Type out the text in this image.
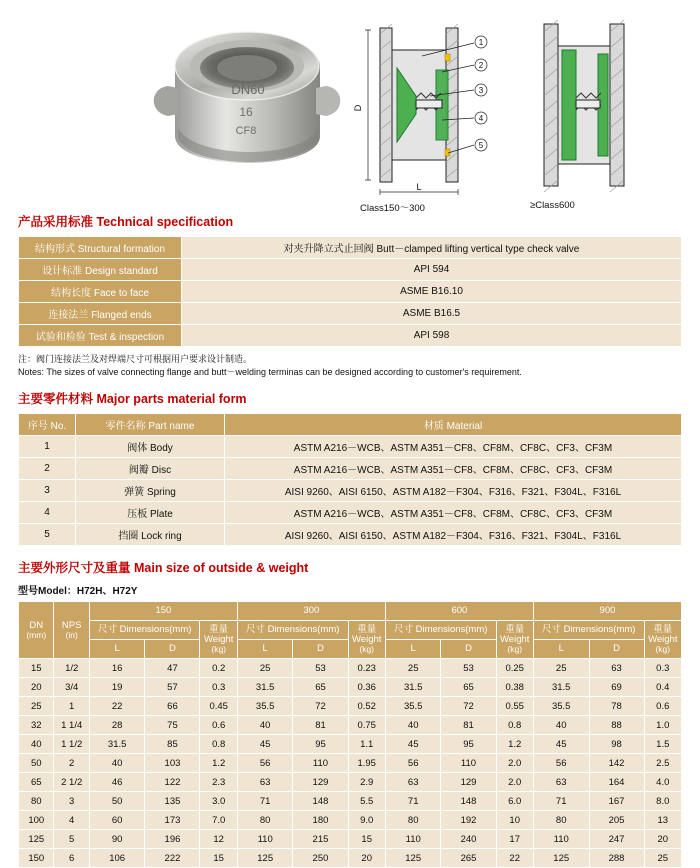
DN60
16
CF8
1
2
3
4
5
D
L
Class150～300	≥Class600
产品采用标准 Technical specification
结构形式 Structural formation	对夹升降立式止回阀 Butt－clamped lifting vertical type check valve
设计标准 Design standard	API 594
结构长度 Face to face	ASME B16.10
连接法兰 Flanged ends	ASME B16.5
试验和检验 Test & inspection	API 598
注：阀门连接法兰及对焊端尺寸可根据用户要求设计制造。
Notes: The sizes of valve connecting flange and butt－welding terminas can be designed according to customer's requirement.
主要零件材料 Major parts material form
序号 No.	零件名称 Part name	材质 Material
1	阀体 Body	ASTM A216－WCB、ASTM A351－CF8、CF8M、CF8C、CF3、CF3M
2	阀瓣 Disc	ASTM A216－WCB、ASTM A351－CF8、CF8M、CF8C、CF3、CF3M
3	弹簧 Spring	AISI 9260、AISI 6150、ASTM A182－F304、F316、F321、F304L、F316L
4	压板 Plate	ASTM A216－WCB、ASTM A351－CF8、CF8M、CF8C、CF3、CF3M
5	挡圈 Lock ring	AISI 9260、AISI 6150、ASTM A182－F304、F316、F321、F304L、F316L
主要外形尺寸及重量 Main size of outside & weight
型号Model：H72H、H72Y
DN
(mm)

NPS
(in)
	150	300	600	900
尺寸 Dimensions(mm)	重量
Weight
(kg)
	尺寸 Dimensions(mm)	重量
Weight
(kg)
	尺寸 Dimensions(mm)	重量
Weight
(kg)
	尺寸 Dimensions(mm)	重量
Weight
(kg)

		L	D		L	D		L	D		L	D	
15	1/2	16	47	0.2	25	53	0.23	25	53	0.25	25	63	0.3
20	3/4	19	57	0.3	31.5	65	0.36	31.5	65	0.38	31.5	69	0.4
25	1	22	66	0.45	35.5	72	0.52	35.5	72	0.55	35.5	78	0.6
32	1 1/4	28	75	0.6	40	81	0.75	40	81	0.8	40	88	1.0
40	1 1/2	31.5	85	0.8	45	95	1.1	45	95	1.2	45	98	1.5
50	2	40	103	1.2	56	110	1.95	56	110	2.0	56	142	2.5
65	2 1/2	46	122	2.3	63	129	2.9	63	129	2.0	63	164	4.0
80	3	50	135	3.0	71	148	5.5	71	148	6.0	71	167	8.0
100	4	60	173	7.0	80	180	9.0	80	192	10	80	205	13
125	5	90	196	12	110	215	15	110	240	17	110	247	20
150	6	106	222	15	125	250	20	125	265	22	125	288	25
